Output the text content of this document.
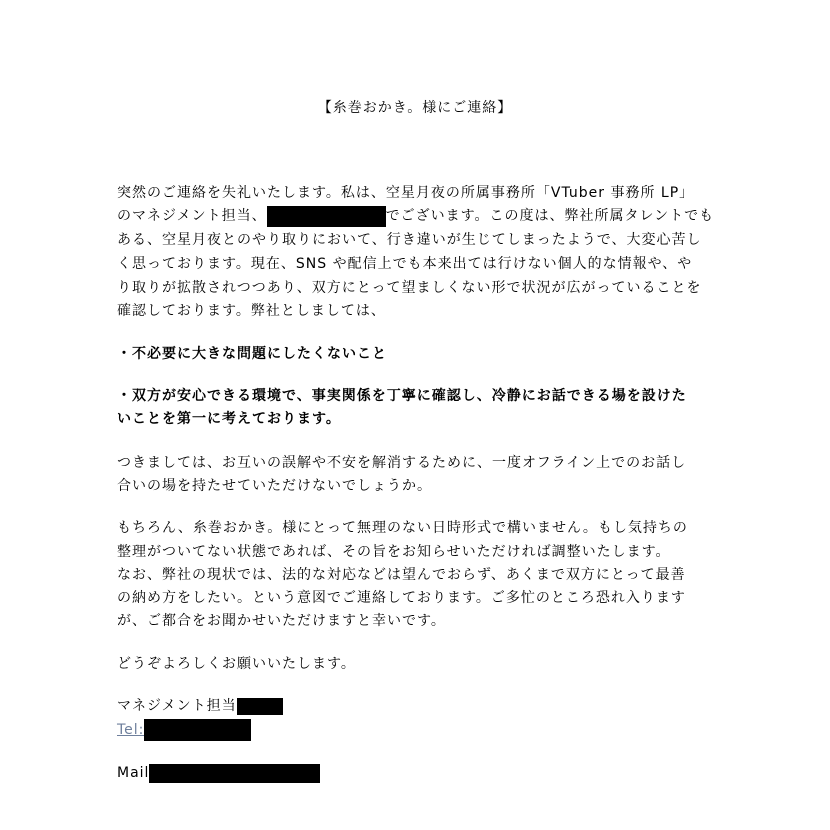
【糸巻おかき。様にご連絡】
突然のご連絡を失礼いたします。私は、空星月夜の所属事務所「VTuber 事務所 LP」
のマネジメント担当、	でございます。この度は、弊社所属タレントでも
ある、空星月夜とのやり取りにおいて、行き違いが生じてしまったようで、大変心苦し
く思っております。現在、SNS や配信上でも本来出ては行けない個人的な情報や、や
り取りが拡散されつつあり、双方にとって望ましくない形で状況が広がっていることを
確認しております。弊社としましては、
・不必要に大きな問題にしたくないこと
・双方が安心できる環境で、事実関係を丁寧に確認し、冷静にお話できる場を設けた
いことを第一に考えております。
つきましては、お互いの誤解や不安を解消するために、一度オフライン上でのお話し
合いの場を持たせていただけないでしょうか。
もちろん、糸巻おかき。様にとって無理のない日時形式で構いません。もし気持ちの
整理がついてない状態であれば、その旨をお知らせいただければ調整いたします。
なお、弊社の現状では、法的な対応などは望んでおらず、あくまで双方にとって最善
の納め方をしたい。という意図でご連絡しております。ご多忙のところ恐れ入ります
が、ご都合をお聞かせいただけますと幸いです。
どうぞよろしくお願いいたします。
マネジメント担当
Tel:
Mail
